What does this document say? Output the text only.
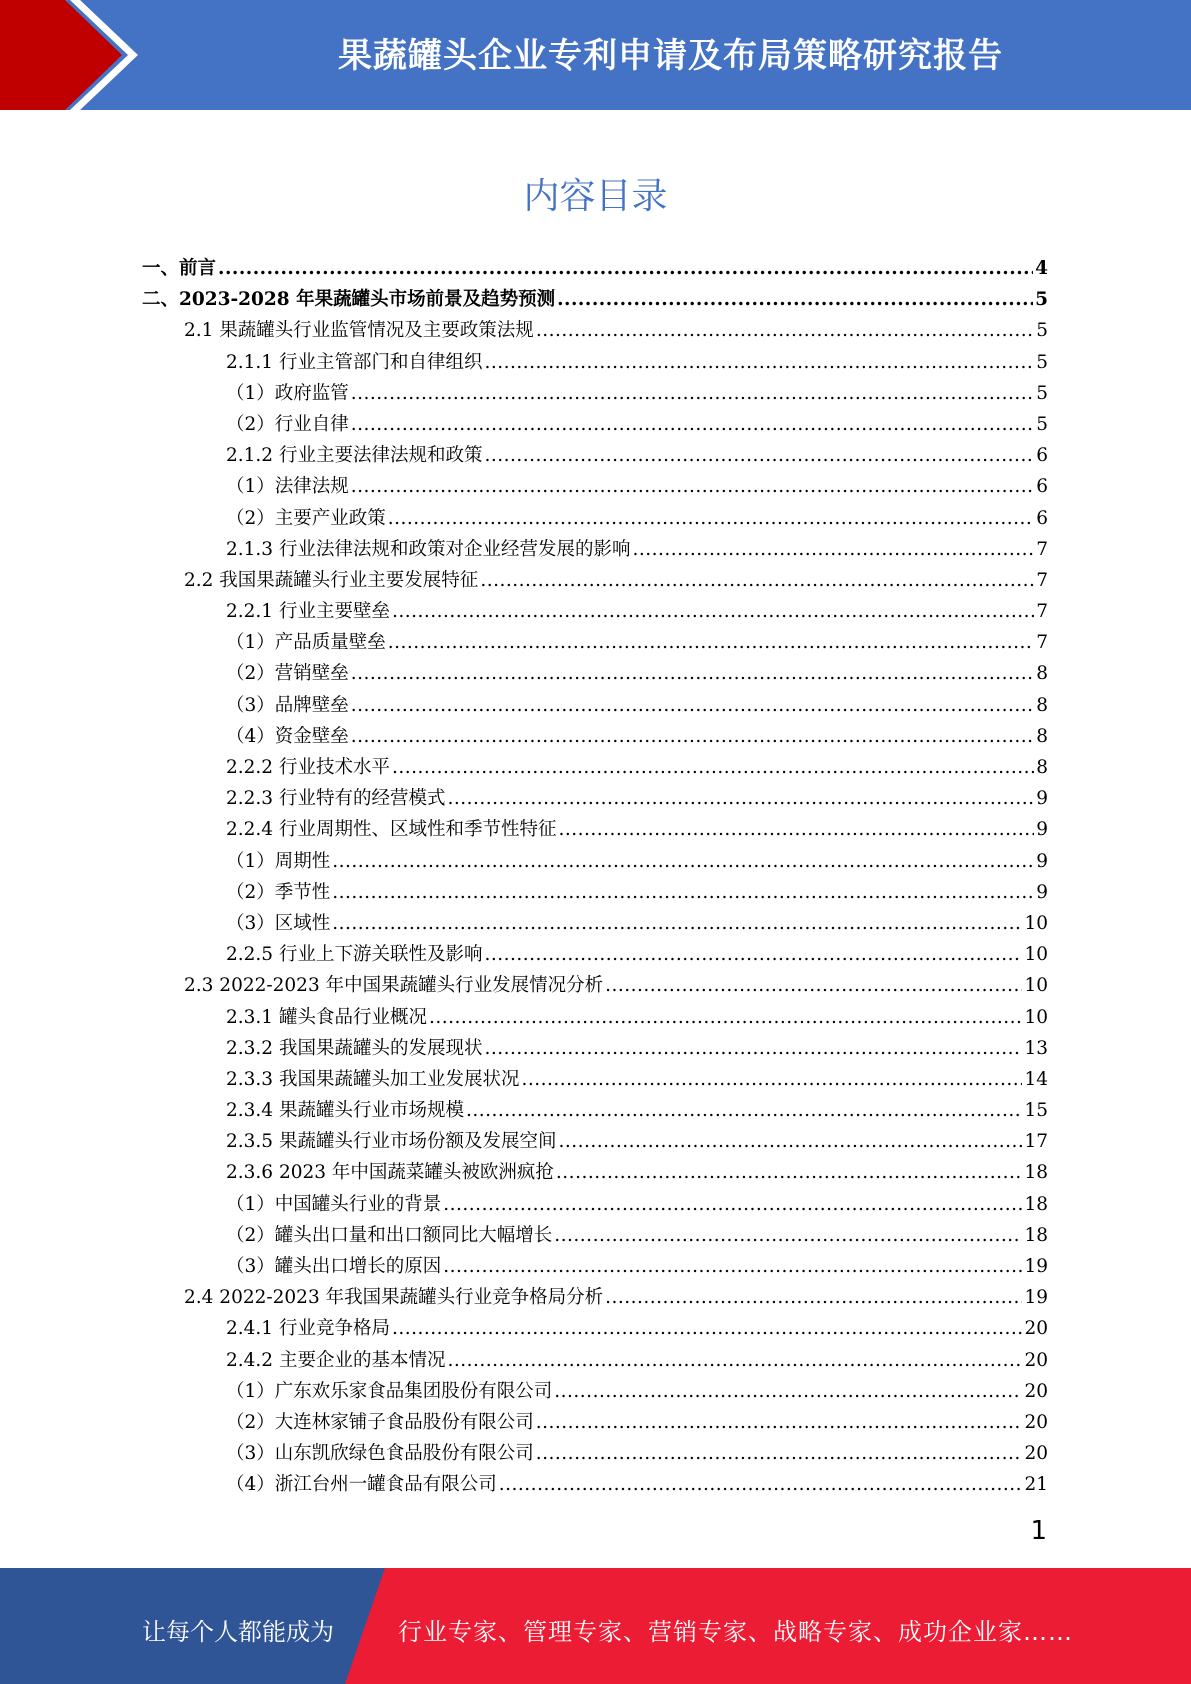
果蔬罐头企业专利申请及布局策略研究报告
内容目录
一、前言 .....	4
二、2023-2028 年果蔬罐头市场前景及趋势预测 .....	5
2.1 果蔬罐头行业监管情况及主要政策法规 .....	5
2.1.1 行业主管部门和自律组织 .....	5
（1）政府监管 .....	5
（2）行业自律 .....	5
2.1.2 行业主要法律法规和政策 .....	6
（1）法律法规 .....	6
（2）主要产业政策 .....	6
2.1.3 行业法律法规和政策对企业经营发展的影响 .....	7
2.2 我国果蔬罐头行业主要发展特征 .....	7
2.2.1 行业主要壁垒 .....	7
（1）产品质量壁垒 .....	7
（2）营销壁垒 .....	8
（3）品牌壁垒 .....	8
（4）资金壁垒 .....	8
2.2.2 行业技术水平 .....	8
2.2.3 行业特有的经营模式 .....	9
2.2.4 行业周期性、区域性和季节性特征 .....	9
（1）周期性 .....	9
（2）季节性 .....	9
（3）区域性 .....	10
2.2.5 行业上下游关联性及影响 .....	10
2.3 2022-2023 年中国果蔬罐头行业发展情况分析 .....	10
2.3.1 罐头食品行业概况 .....	10
2.3.2 我国果蔬罐头的发展现状 .....	13
2.3.3 我国果蔬罐头加工业发展状况 .....	14
2.3.4 果蔬罐头行业市场规模 .....	15
2.3.5 果蔬罐头行业市场份额及发展空间 .....	17
2.3.6 2023 年中国蔬菜罐头被欧洲疯抢 .....	18
（1）中国罐头行业的背景 .....	18
（2）罐头出口量和出口额同比大幅增长 .....	18
（3）罐头出口增长的原因 .....	19
2.4 2022-2023 年我国果蔬罐头行业竞争格局分析 .....	19
2.4.1 行业竞争格局 .....	20
2.4.2 主要企业的基本情况 .....	20
（1）广东欢乐家食品集团股份有限公司 .....	20
（2）大连林家铺子食品股份有限公司 .....	20
（3）山东凯欣绿色食品股份有限公司 .....	20
（4）浙江台州一罐食品有限公司 .....	21
1
让每个人都能成为	行业专家、管理专家、营销专家、战略专家、成功企业家……
